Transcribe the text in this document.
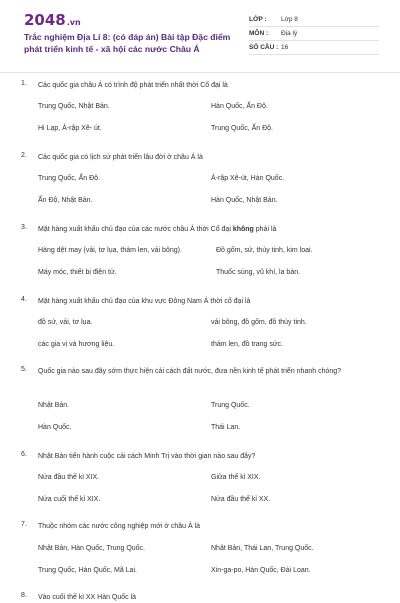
2048.vn
Trắc nghiệm Địa Lí 8: (có đáp án) Bài tập Đặc điểm phát triển kinh tế - xã hội các nước Châu Á
LỚP :	Lớp 8
MÔN :	Địa lý
SỐ CÂU : 16
1. Các quốc gia châu Á có trình độ phát triển nhất thời Cổ đại là
Trung Quốc, Nhật Bản.	Hàn Quốc, Ấn Độ.
Hi Lạp, Ả-rập Xê- út.	Trung Quốc, Ấn Độ.
2. Các quốc gia có lịch sử phát triển lâu đời ở châu Á là
Trung Quốc, Ấn Độ.	Ả-rập Xê-út, Hàn Quốc.
Ấn Độ, Nhật Bản.	Hàn Quốc, Nhật Bản.
3. Mặt hàng xuất khẩu chủ đạo của các nước châu Á thời Cổ đại không phải là
Hàng dệt may (vải, tơ lụa, thảm len, vải bông).	Đồ gốm, sứ, thủy tinh, kim loại.
Máy móc, thiết bị điện tử.	Thuốc súng, vũ khí, la bàn.
4. Mặt hàng xuất khẩu chủ đạo của khu vực Đông Nam Á thời cổ đại là
đồ sứ, vải, tơ lụa.	vải bông, đồ gốm, đồ thủy tinh.
các gia vị và hương liệu.	thảm len, đồ trang sức.
5. Quốc gia nào sau đây sớm thực hiện cải cách đất nước, đưa nền kinh tế phát triển nhanh chóng?
Nhật Bản.	Trung Quốc.
Hàn Quốc.	Thái Lan.
6. Nhật Bản tiến hành cuộc cải cách Minh Trị vào thời gian nào sau đây?
Nửa đầu thế kỉ XIX.	Giữa thế kỉ XIX.
Nửa cuối thế kỉ XIX.	Nửa đầu thế kỉ XX.
7. Thuộc nhóm các nước công nghiệp mới ở châu Á là
Nhật Bản, Hàn Quốc, Trung Quốc.	Nhật Bản, Thái Lan, Trung Quốc.
Trung Quốc, Hàn Quốc, Mã Lai.	Xin-ga-po, Hàn Quốc, Đài Loan.
8. Vào cuối thế kỉ XX Hàn Quốc là
